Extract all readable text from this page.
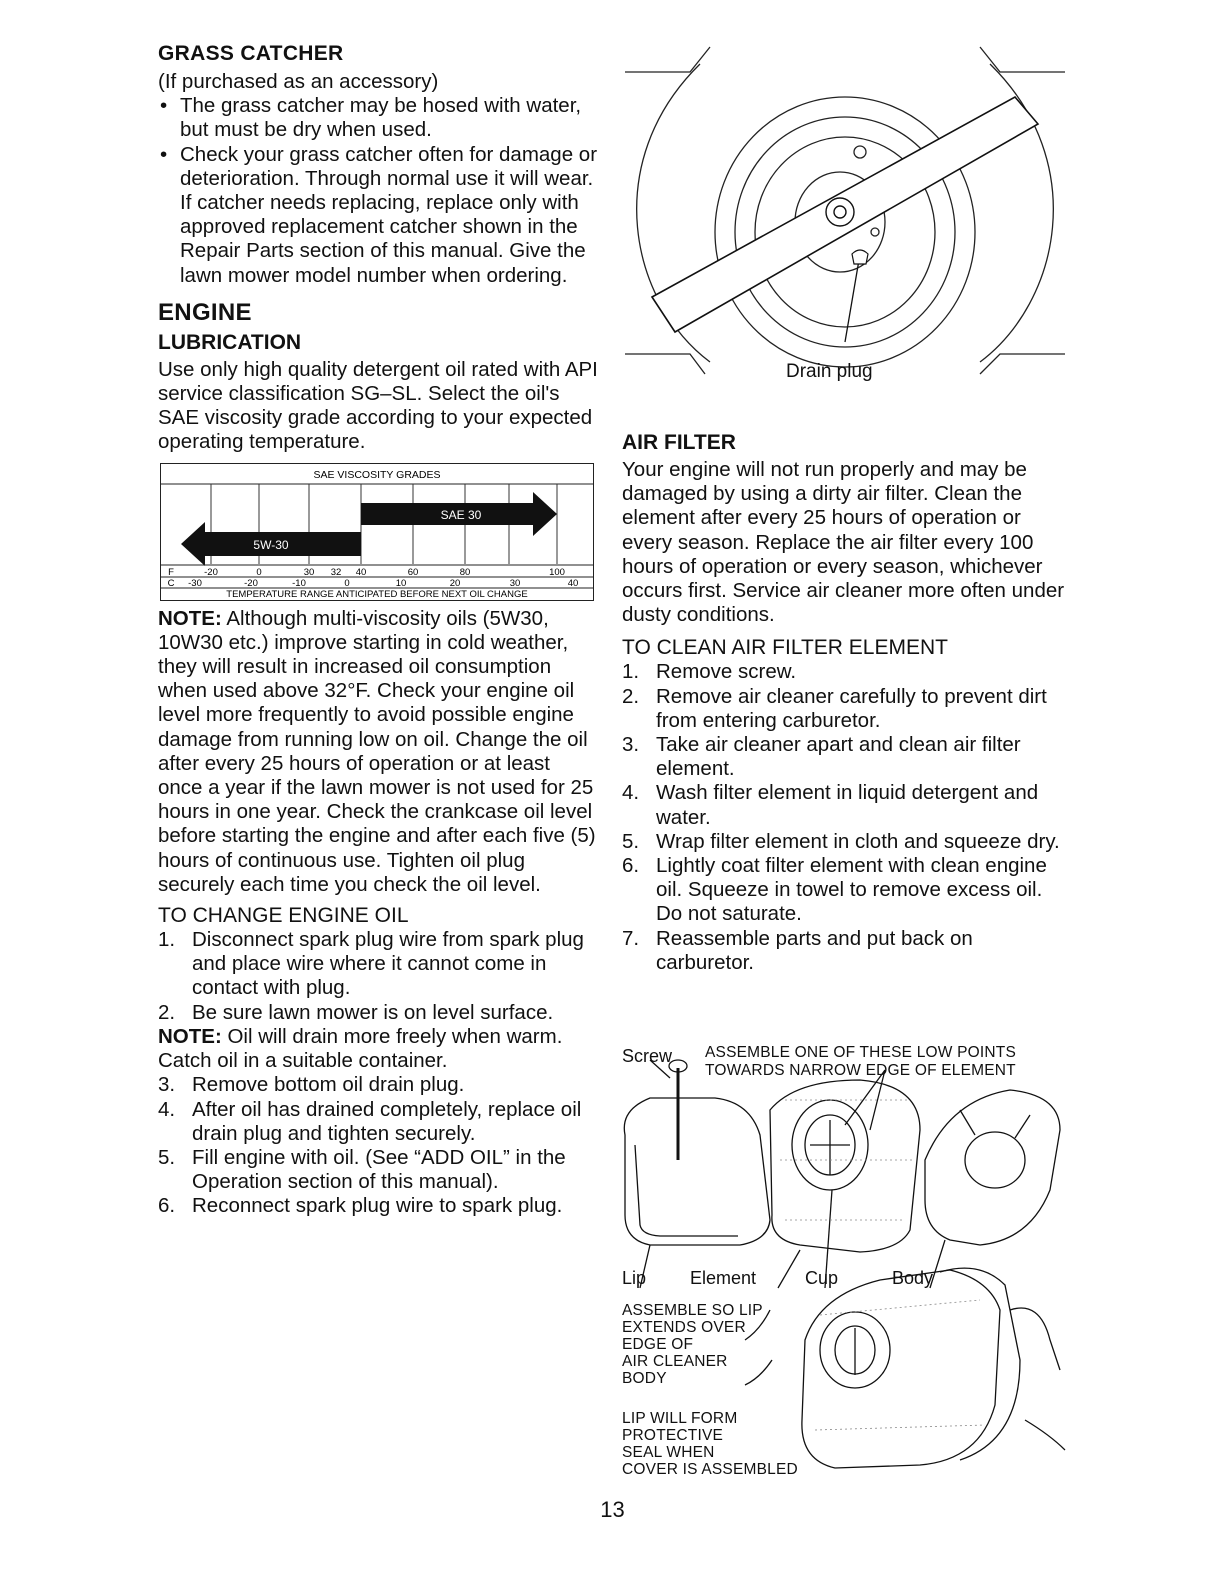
GRASS CATCHER

(If purchased as an accessory)

• The grass catcher may be hosed with water, but must be dry when used.
• Check your grass catcher often for damage or deterioration. Through normal use it will wear. If catcher needs replacing, replace only with approved replacement catcher shown in the Repair Parts section of this manual. Give the lawn mower model number when ordering.
ENGINE
LUBRICATION

Use only high quality detergent oil rated with API service classification SG–SL. Select the oil's SAE viscosity grade according to your expected operating temperature.

SAE VISCOSITY GRADES
SAE 30
5W-30
F	-20	0	30 32 40	60	80	100
C -30	-20	-10	0	10	20	30	40
TEMPERATURE RANGE ANTICIPATED BEFORE NEXT OIL CHANGE

NOTE: Although multi-viscosity oils (5W30, 10W30 etc.) improve starting in cold weather, they will result in increased oil consumption when used above 32°F. Check your engine oil level more frequently to avoid possible engine damage from running low on oil. Change the oil after every 25 hours of operation or at least once a year if the lawn mower is not used for 25 hours in one year. Check the crankcase oil level before starting the engine and after each five (5) hours of continuous use. Tighten oil plug securely each time you check the oil level.

TO CHANGE ENGINE OIL
1. Disconnect spark plug wire from spark plug and place wire where it cannot come in contact with plug.
2. Be sure lawn mower is on level surface.

NOTE: Oil will drain more freely when warm. Catch oil in a suitable container.

3. Remove bottom oil drain plug.
4. After oil has drained completely, replace oil drain plug and tighten securely.
5. Fill engine with oil. (See “ADD OIL” in the Operation section of this manual).
6. Reconnect spark plug wire to spark plug.
Drain plug
AIR FILTER

Your engine will not run properly and may be damaged by using a dirty air filter. Clean the element after every 25 hours of operation or every season. Replace the air filter every 100 hours of operation or every season, whichever occurs first. Service air cleaner more often under dusty conditions.

TO CLEAN AIR FILTER ELEMENT
1. Remove screw.
2. Remove air cleaner carefully to prevent dirt from entering carburetor.
3. Take air cleaner apart and clean air filter element.
4. Wash filter element in liquid detergent and water.
5. Wrap filter element in cloth and squeeze dry.
6. Lightly coat filter element with clean engine oil. Squeeze in towel to remove excess oil. Do not saturate.
7. Reassemble parts and put back on carburetor.
Screw ASSEMBLE ONE OF THESE LOW POINTS
TOWARDS NARROW EDGE OF ELEMENT
Lip Element	Cup	Body
ASSEMBLE SO LIP
EXTENDS OVER
EDGE OF
AIR CLEANER
BODY
LIP WILL FORM
PROTECTIVE
SEAL WHEN
COVER IS ASSEMBLED
13
